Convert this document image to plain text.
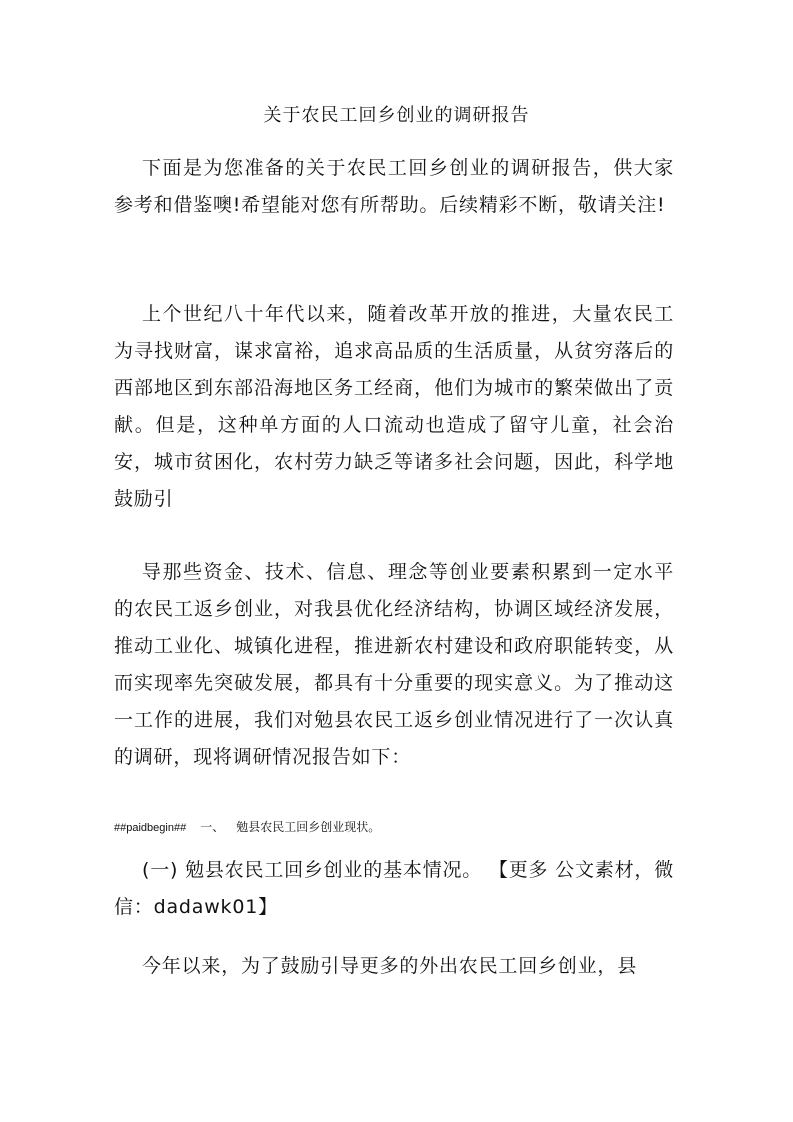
关于农民工回乡创业的调研报告

下面是为您准备的关于农民工回乡创业的调研报告，供大家参考和借鉴噢!希望能对您有所帮助。后续精彩不断，敬请关注!

上个世纪八十年代以来，随着改革开放的推进，大量农民工为寻找财富，谋求富裕，追求高品质的生活质量，从贫穷落后的西部地区到东部沿海地区务工经商，他们为城市的繁荣做出了贡献。但是，这种单方面的人口流动也造成了留守儿童，社会治安，城市贫困化，农村劳力缺乏等诸多社会问题，因此，科学地鼓励引

导那些资金、技术、信息、理念等创业要素积累到一定水平的农民工返乡创业，对我县优化经济结构，协调区域经济发展，推动工业化、城镇化进程，推进新农村建设和政府职能转变，从而实现率先突破发展，都具有十分重要的现实意义。为了推动这一工作的进展，我们对勉县农民工返乡创业情况进行了一次认真的调研，现将调研情况报告如下：

##paidbegin## 一、 勉县农民工回乡创业现状。

(一) 勉县农民工回乡创业的基本情况。 【更多 公文素材，微信：dadawk01】

今年以来，为了鼓励引导更多的外出农民工回乡创业，县
